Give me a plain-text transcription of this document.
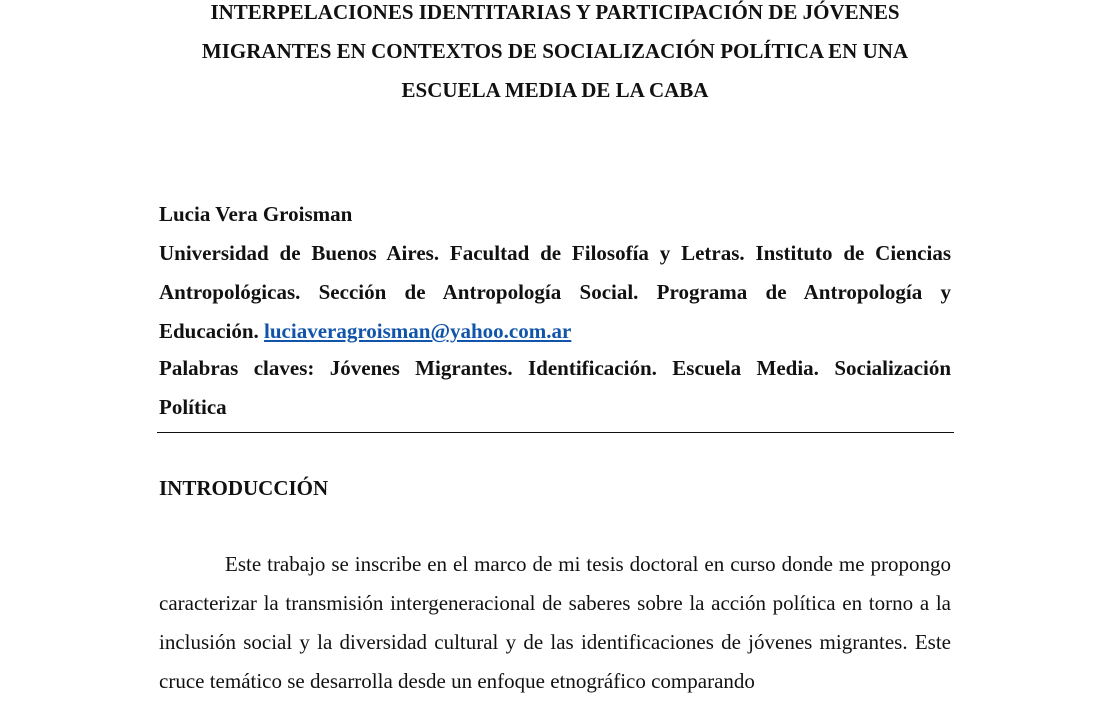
INTERPELACIONES IDENTITARIAS Y PARTICIPACIÓN DE JÓVENES
MIGRANTES EN CONTEXTOS DE SOCIALIZACIÓN POLÍTICA EN UNA
ESCUELA MEDIA DE LA CABA
Lucia Vera Groisman
Universidad de Buenos Aires. Facultad de Filosofía y Letras. Instituto de Ciencias Antropológicas. Sección de Antropología Social. Programa de Antropología y Educación. luciaveragroisman@yahoo.com.ar
Palabras claves: Jóvenes Migrantes. Identificación. Escuela Media. Socialización Política
INTRODUCCIÓN
Este trabajo se inscribe en el marco de mi tesis doctoral en curso donde me propongo caracterizar la transmisión intergeneracional de saberes sobre la acción política en torno a la inclusión social y la diversidad cultural y de las identificaciones de jóvenes migrantes. Este cruce temático se desarrolla desde un enfoque etnográfico comparando
